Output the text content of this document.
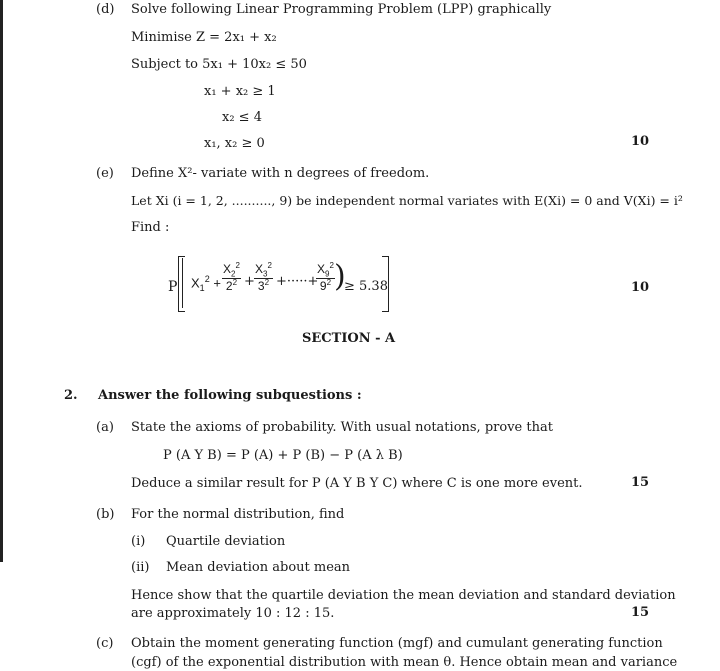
(d) Solve following Linear Programming Problem (LPP) graphically
Minimise Z = 2x₁ + x₂
Subject to 5x₁ + 10x₂ ≤ 50
x₁ + x₂ ≥ 1
x₂ ≤ 4
x₁, x₂ ≥ 0	10
(e) Define X²- variate with n degrees of freedom.
Let Xi (i = 1, 2, .........., 9) be independent normal variates with E(Xi) = 0 and V(Xi) = i²
Find :
P $X_1^2 + \frac{X_2^2}{2^2} + \frac{X_3^2}{3^2}$ +·····+
$\frac{X_9^2}{9^2}$ )
≥ 5.38	10
SECTION - A
2. Answer the following subquestions :
(a) State the axioms of probability. With usual notations, prove that
P (A Y B) = P (A) + P (B) − P (A λ B)
Deduce a similar result for P (A Y B Y C) where C is one more event.	15
(b) For the normal distribution, find
(i) Quartile deviation
(ii) Mean deviation about mean
Hence show that the quartile deviation the mean deviation and standard deviation
are approximately 10 : 12 : 15.	15
(c) Obtain the moment generating function (mgf) and cumulant generating function
(cgf) of the exponential distribution with mean θ. Hence obtain mean and variance
